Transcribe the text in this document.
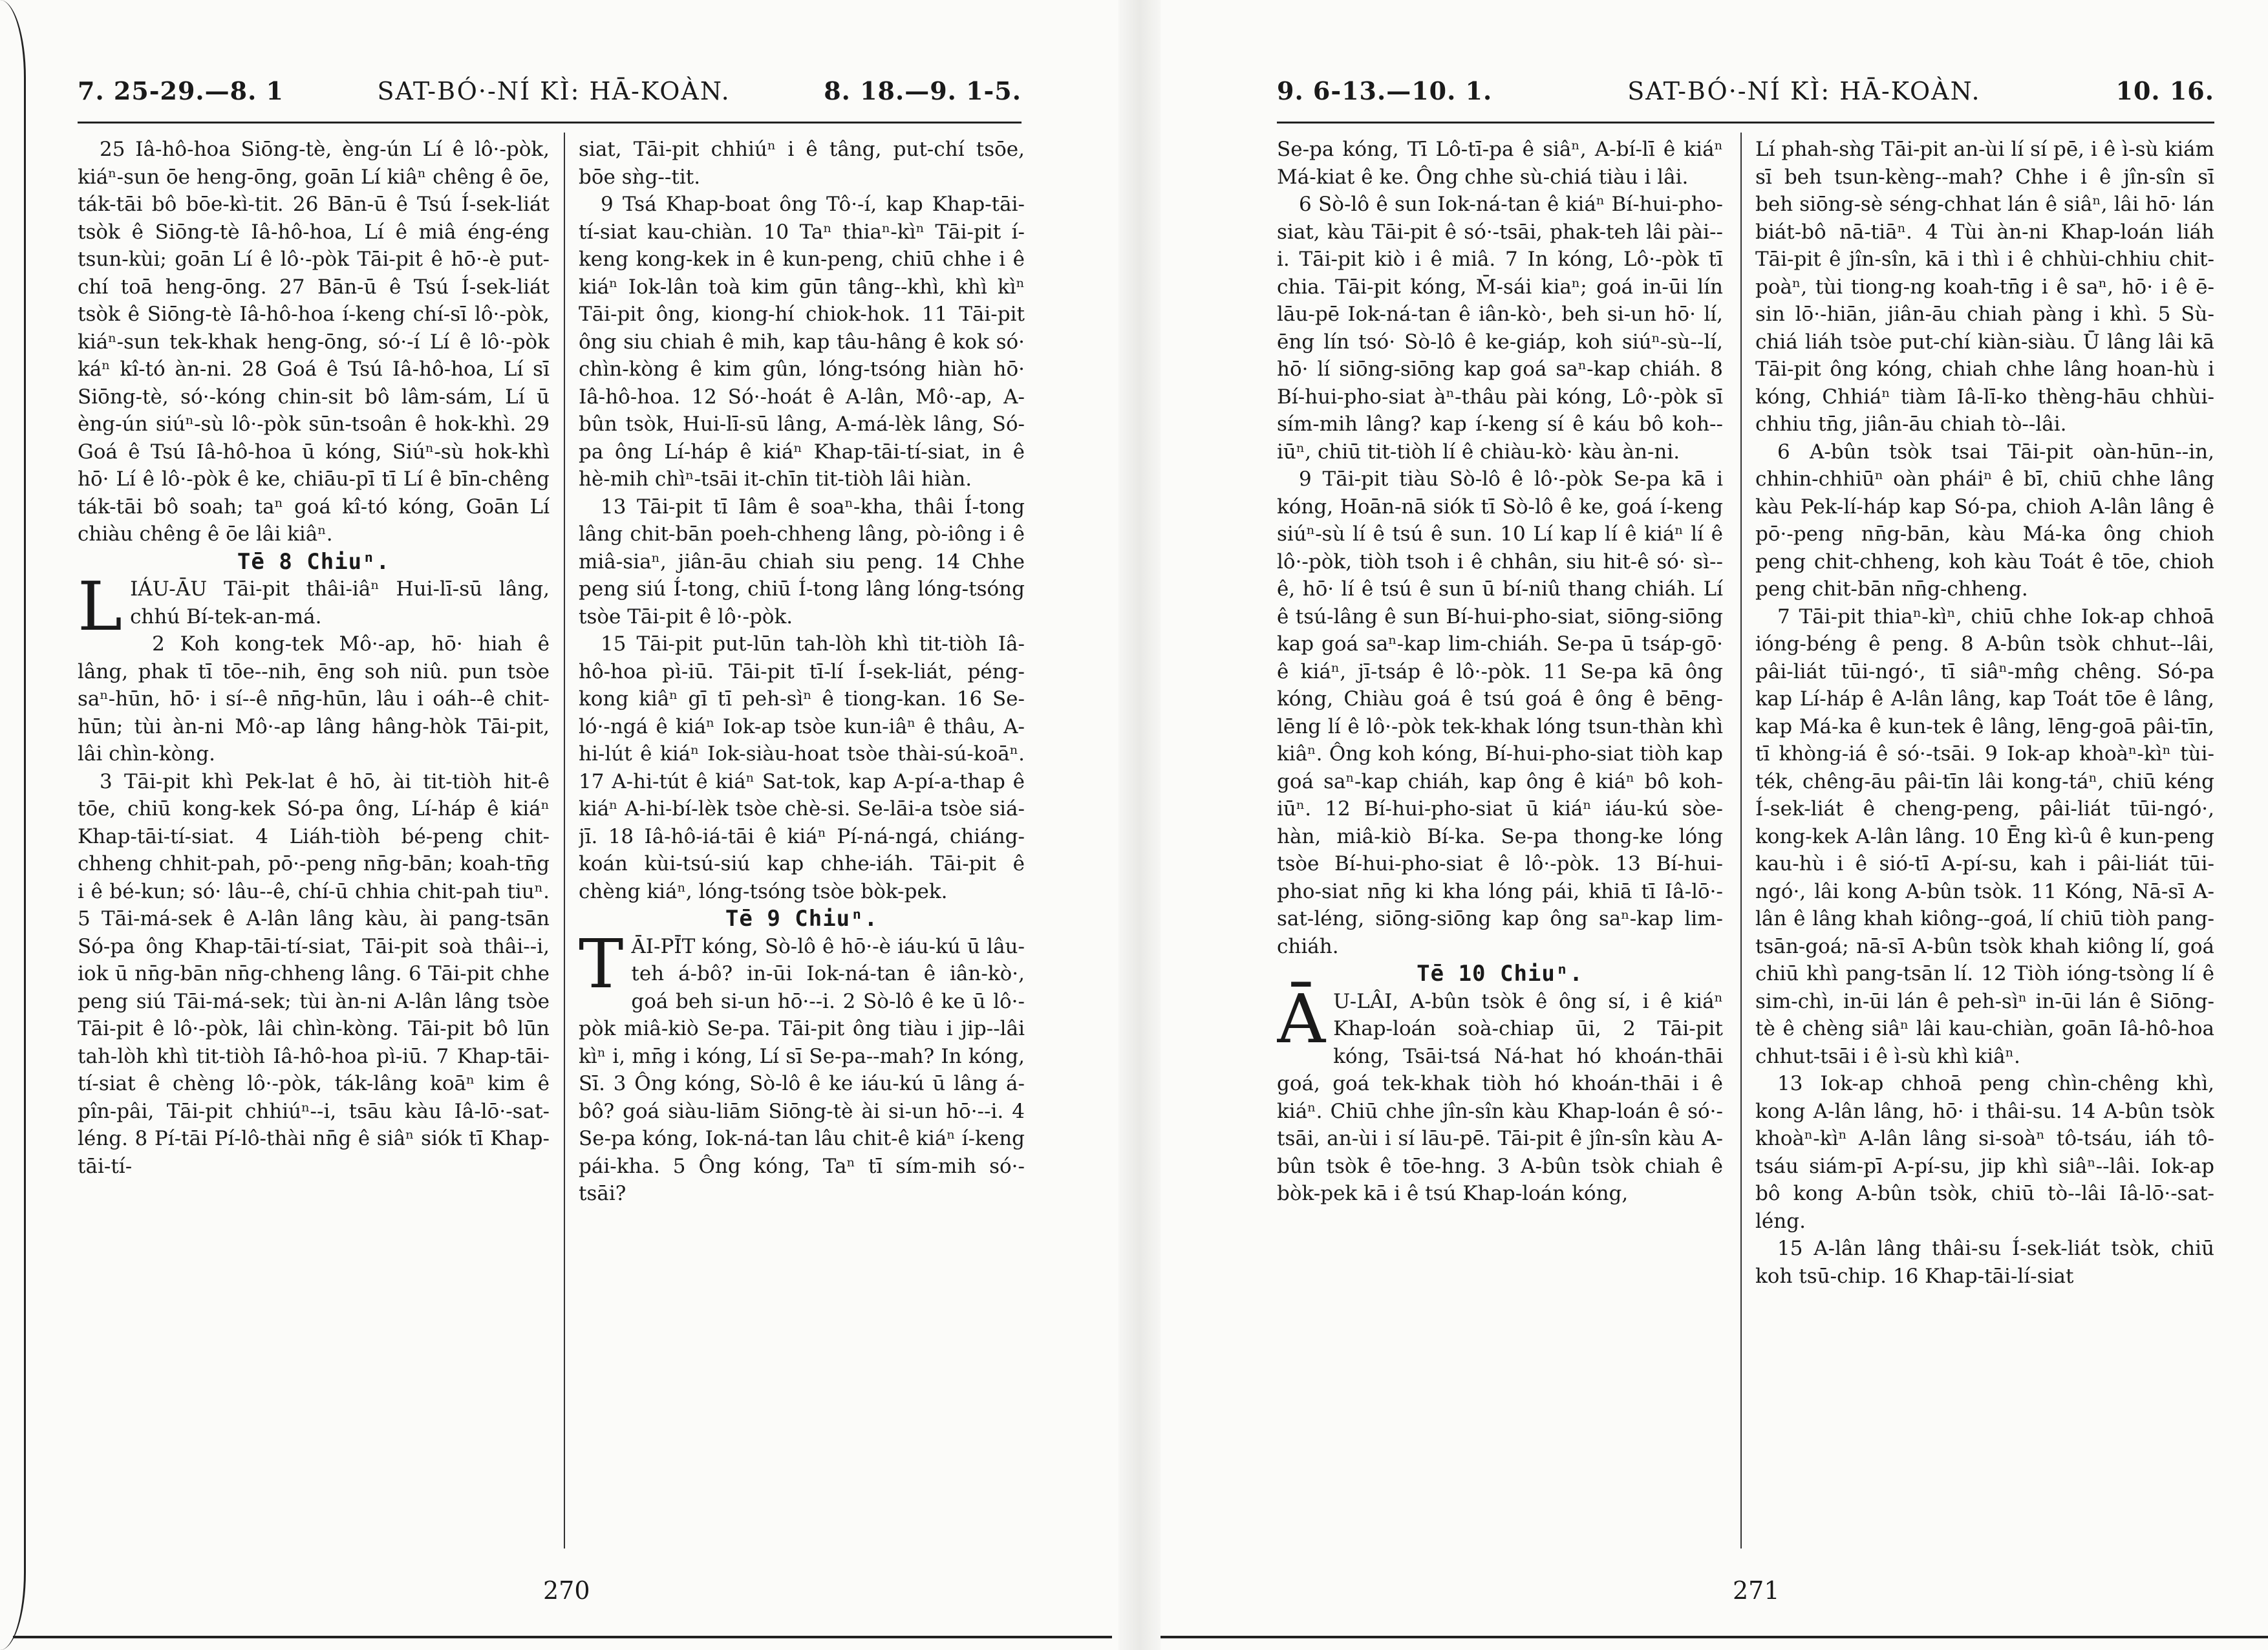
7. 25-29.—8. 1	SAT-BÓ·-NÍ KÌ: HĀ-KOÀN.	8. 18.—9. 1-5.

25 Iâ-hô-hoa Siōng-tè, èng-ún Lí ê lô·-pòk, kiáⁿ-sun ōe heng-ōng, goān Lí kiâⁿ chêng ê ōe, ták-tāi bô bōe-kì-tit. 26 Bān-ū ê Tsú Í-sek-liát tsòk ê Siōng-tè Iâ-hô-hoa, Lí ê miâ éng-éng tsun-kùi; goān Lí ê lô·-pòk Tāi-pit ê hō·-è put-chí toā heng-ōng. 27 Bān-ū ê Tsú Í-sek-liát tsòk ê Siōng-tè Iâ-hô-hoa í-keng chí-sī lô·-pòk, kiáⁿ-sun tek-khak heng-ōng, só·-í Lí ê lô·-pòk káⁿ kî-tó àn-ni. 28 Goá ê Tsú Iâ-hô-hoa, Lí sī Siōng-tè, só·-kóng chin-sit bô lâm-sám, Lí ū èng-ún siúⁿ-sù lô·-pòk sūn-tsoân ê hok-khì. 29 Goá ê Tsú Iâ-hô-hoa ū kóng, Siúⁿ-sù hok-khì hō· Lí ê lô·-pòk ê ke, chiāu-pī tī Lí ê bīn-chêng ták-tāi bô soah; taⁿ goá kî-tó kóng, Goān Lí chiàu chêng ê ōe lâi kiâⁿ.

Tē 8 Chiuⁿ.

LIÁU-ĀU Tāi-pit thâi-iâⁿ Hui-lī-sū lâng, chhú Bí-tek-an-má.

2 Koh kong-tek Mô·-ap, hō· hiah ê lâng, phak tī tōe--nih, ēng soh niû. pun tsòe saⁿ-hūn, hō· i sí--ê nn̄g-hūn, lâu i oáh--ê chit-hūn; tùi àn-ni Mô·-ap lâng hâng-hòk Tāi-pit, lâi chìn-kòng.

3 Tāi-pit khì Pek-lat ê hō, ài tit-tiòh hit-ê tōe, chiū kong-kek Só-pa ông, Lí-háp ê kiáⁿ Khap-tāi-tí-siat. 4 Liáh-tiòh bé-peng chit-chheng chhit-pah, pō·-peng nn̄g-bān; koah-tn̄g i ê bé-kun; só· lâu--ê, chí-ū chhia chit-pah tiuⁿ. 5 Tāi-má-sek ê A-lân lâng kàu, ài pang-tsān Só-pa ông Khap-tāi-tí-siat, Tāi-pit soà thâi--i, iok ū nn̄g-bān nn̄g-chheng lâng. 6 Tāi-pit chhe peng siú Tāi-má-sek; tùi àn-ni A-lân lâng tsòe Tāi-pit ê lô·-pòk, lâi chìn-kòng. Tāi-pit bô lūn tah-lòh khì tit-tiòh Iâ-hô-hoa pì-iū. 7 Khap-tāi-tí-siat ê chèng lô·-pòk, ták-lâng koāⁿ kim ê pîn-pâi, Tāi-pit chhiúⁿ--i, tsāu kàu Iâ-lō·-sat-léng. 8 Pí-tāi Pí-lô-thài nn̄g ê siâⁿ siók tī Khap-tāi-tí-

siat, Tāi-pit chhiúⁿ i ê tâng, put-chí tsōe, bōe sǹg--tit.

9 Tsá Khap-boat ông Tô·-í, kap Khap-tāi-tí-siat kau-chiàn. 10 Taⁿ thiaⁿ-kìⁿ Tāi-pit í-keng kong-kek in ê kun-peng, chiū chhe i ê kiáⁿ Iok-lân toà kim gūn tâng--khì, khì kìⁿ Tāi-pit ông, kiong-hí chiok-hok. 11 Tāi-pit ông siu chiah ê mih, kap tâu-hâng ê kok só· chìn-kòng ê kim gûn, lóng-tsóng hiàn hō· Iâ-hô-hoa. 12 Só·-hoát ê A-lân, Mô·-ap, A-bûn tsòk, Hui-lī-sū lâng, A-má-lèk lâng, Só-pa ông Lí-háp ê kiáⁿ Khap-tāi-tí-siat, in ê hè-mih chìⁿ-tsāi it-chīn tit-tiòh lâi hiàn.

13 Tāi-pit tī Iâm ê soaⁿ-kha, thâi Í-tong lâng chit-bān poeh-chheng lâng, pò-iông i ê miâ-siaⁿ, jiân-āu chiah siu peng. 14 Chhe peng siú Í-tong, chiū Í-tong lâng lóng-tsóng tsòe Tāi-pit ê lô·-pòk.

15 Tāi-pit put-lūn tah-lòh khì tit-tiòh Iâ-hô-hoa pì-iū. Tāi-pit tī-lí Í-sek-liát, péng-kong kiâⁿ gī tī peh-sìⁿ ê tiong-kan. 16 Se-ló·-ngá ê kiáⁿ Iok-ap tsòe kun-iâⁿ ê thâu, A-hi-lút ê kiáⁿ Iok-siàu-hoat tsòe thài-sú-koāⁿ. 17 A-hi-tút ê kiáⁿ Sat-tok, kap A-pí-a-thap ê kiáⁿ A-hi-bí-lèk tsòe chè-si. Se-lāi-a tsòe siá-jī. 18 Iâ-hô-iá-tāi ê kiáⁿ Pí-ná-ngá, chiáng-koán kùi-tsú-siú kap chhe-iáh. Tāi-pit ê chèng kiáⁿ, lóng-tsóng tsòe bòk-pek.

Tē 9 Chiuⁿ.

TĀI-PĪT kóng, Sò-lô ê hō·-è iáu-kú ū lâu-teh á-bô? in-ūi Iok-ná-tan ê iân-kò·, goá beh si-un hō·--i. 2 Sò-lô ê ke ū lô·-pòk miâ-kiò Se-pa. Tāi-pit ông tiàu i jip--lâi kìⁿ i, mn̄g i kóng, Lí sī Se-pa--mah? In kóng, Sī. 3 Ông kóng, Sò-lô ê ke iáu-kú ū lâng á-bô? goá siàu-liām Siōng-tè ài si-un hō·--i. 4 Se-pa kóng, Iok-ná-tan lâu chit-ê kiáⁿ í-keng pái-kha. 5 Ông kóng, Taⁿ tī sím-mih só·-tsāi?

270
9. 6-13.—10. 1.	SAT-BÓ·-NÍ KÌ: HĀ-KOÀN.	10. 16.

Se-pa kóng, Tī Lô-tī-pa ê siâⁿ, A-bí-lī ê kiáⁿ Má-kiat ê ke. Ông chhe sù-chiá tiàu i lâi.

6 Sò-lô ê sun Iok-ná-tan ê kiáⁿ Bí-hui-pho-siat, kàu Tāi-pit ê só·-tsāi, phak-teh lâi pài--i. Tāi-pit kiò i ê miâ. 7 In kóng, Lô·-pòk tī chia. Tāi-pit kóng, M̄-sái kiaⁿ; goá in-ūi lín lāu-pē Iok-ná-tan ê iân-kò·, beh si-un hō· lí, ēng lín tsó· Sò-lô ê ke-giáp, koh siúⁿ-sù--lí, hō· lí siōng-siōng kap goá saⁿ-kap chiáh. 8 Bí-hui-pho-siat àⁿ-thâu pài kóng, Lô·-pòk sī sím-mih lâng? kap í-keng sí ê káu bô koh--iūⁿ, chiū tit-tiòh lí ê chiàu-kò· kàu àn-ni.

9 Tāi-pit tiàu Sò-lô ê lô·-pòk Se-pa kā i kóng, Hoān-nā siók tī Sò-lô ê ke, goá í-keng siúⁿ-sù lí ê tsú ê sun. 10 Lí kap lí ê kiáⁿ lí ê lô·-pòk, tiòh tsoh i ê chhân, siu hit-ê só· sì--ê, hō· lí ê tsú ê sun ū bí-niû thang chiáh. Lí ê tsú-lâng ê sun Bí-hui-pho-siat, siōng-siōng kap goá saⁿ-kap lim-chiáh. Se-pa ū tsáp-gō· ê kiáⁿ, jī-tsáp ê lô·-pòk. 11 Se-pa kā ông kóng, Chiàu goá ê tsú goá ê ông ê bēng-lēng lí ê lô·-pòk tek-khak lóng tsun-thàn khì kiâⁿ. Ông koh kóng, Bí-hui-pho-siat tiòh kap goá saⁿ-kap chiáh, kap ông ê kiáⁿ bô koh-iūⁿ. 12 Bí-hui-pho-siat ū kiáⁿ iáu-kú sòe-hàn, miâ-kiò Bí-ka. Se-pa thong-ke lóng tsòe Bí-hui-pho-siat ê lô·-pòk. 13 Bí-hui-pho-siat nn̄g ki kha lóng pái, khiā tī Iâ-lō·-sat-léng, siōng-siōng kap ông saⁿ-kap lim-chiáh.

Tē 10 Chiuⁿ.

Ā U-LÂI, A-bûn tsòk ê ông sí, i ê kiáⁿ Khap-loán soà-chiap ūi, 2 Tāi-pit kóng, Tsāi-tsá Ná-hat hó khoán-thāi goá, goá tek-khak tiòh hó khoán-thāi i ê kiáⁿ. Chiū chhe jîn-sîn kàu Khap-loán ê só·-tsāi, an-ùi i sí lāu-pē. Tāi-pit ê jîn-sîn kàu A-bûn tsòk ê tōe-hng. 3 A-bûn tsòk chiah ê bòk-pek kā i ê tsú Khap-loán kóng,

Lí phah-sǹg Tāi-pit an-ùi lí sí pē, i ê ì-sù kiám sī beh tsun-kèng--mah? Chhe i ê jîn-sîn sī beh siōng-sè séng-chhat lán ê siâⁿ, lâi hō· lán biát-bô nā-tiāⁿ. 4 Tùi àn-ni Khap-loán liáh Tāi-pit ê jîn-sîn, kā i thì i ê chhùi-chhiu chit-poàⁿ, tùi tiong-ng koah-tn̄g i ê saⁿ, hō· i ê ē-sin lō·-hiān, jiân-āu chiah pàng i khì. 5 Sù-chiá liáh tsòe put-chí kiàn-siàu. Ū lâng lâi kā Tāi-pit ông kóng, chiah chhe lâng hoan-hù i kóng, Chhiáⁿ tiàm Iâ-lī-ko thèng-hāu chhùi-chhiu tn̄g, jiân-āu chiah tò--lâi.

6 A-bûn tsòk tsai Tāi-pit oàn-hūn--in, chhin-chhiūⁿ oàn pháiⁿ ê bī, chiū chhe lâng kàu Pek-lí-háp kap Só-pa, chioh A-lân lâng ê pō·-peng nn̄g-bān, kàu Má-ka ông chioh peng chit-chheng, koh kàu Toát ê tōe, chioh peng chit-bān nn̄g-chheng.

7 Tāi-pit thiaⁿ-kìⁿ, chiū chhe Iok-ap chhoā ióng-béng ê peng. 8 A-bûn tsòk chhut--lâi, pâi-liát tūi-ngó·, tī siâⁿ-mn̂g chêng. Só-pa kap Lí-háp ê A-lân lâng, kap Toát tōe ê lâng, kap Má-ka ê kun-tek ê lâng, lēng-goā pâi-tīn, tī khòng-iá ê só·-tsāi. 9 Iok-ap khoàⁿ-kìⁿ tùi-ték, chêng-āu pâi-tīn lâi kong-táⁿ, chiū kéng Í-sek-liát ê cheng-peng, pâi-liát tūi-ngó·, kong-kek A-lân lâng. 10 Ēng kì-û ê kun-peng kau-hù i ê sió-tī A-pí-su, kah i pâi-liát tūi-ngó·, lâi kong A-bûn tsòk. 11 Kóng, Nā-sī A-lân ê lâng khah kiông--goá, lí chiū tiòh pang-tsān-goá; nā-sī A-bûn tsòk khah kiông lí, goá chiū khì pang-tsān lí. 12 Tiòh ióng-tsòng lí ê sim-chì, in-ūi lán ê peh-sìⁿ in-ūi lán ê Siōng-tè ê chèng siâⁿ lâi kau-chiàn, goān Iâ-hô-hoa chhut-tsāi i ê ì-sù khì kiâⁿ.

13 Iok-ap chhoā peng chìn-chêng khì, kong A-lân lâng, hō· i thâi-su. 14 A-bûn tsòk khoàⁿ-kìⁿ A-lân lâng si-soàⁿ tô-tsáu, iáh tô-tsáu siám-pī A-pí-su, jip khì siâⁿ--lâi. Iok-ap bô kong A-bûn tsòk, chiū tò--lâi Iâ-lō·-sat-léng.

15 A-lân lâng thâi-su Í-sek-liát tsòk, chiū koh tsū-chip. 16 Khap-tāi-lí-siat

271
